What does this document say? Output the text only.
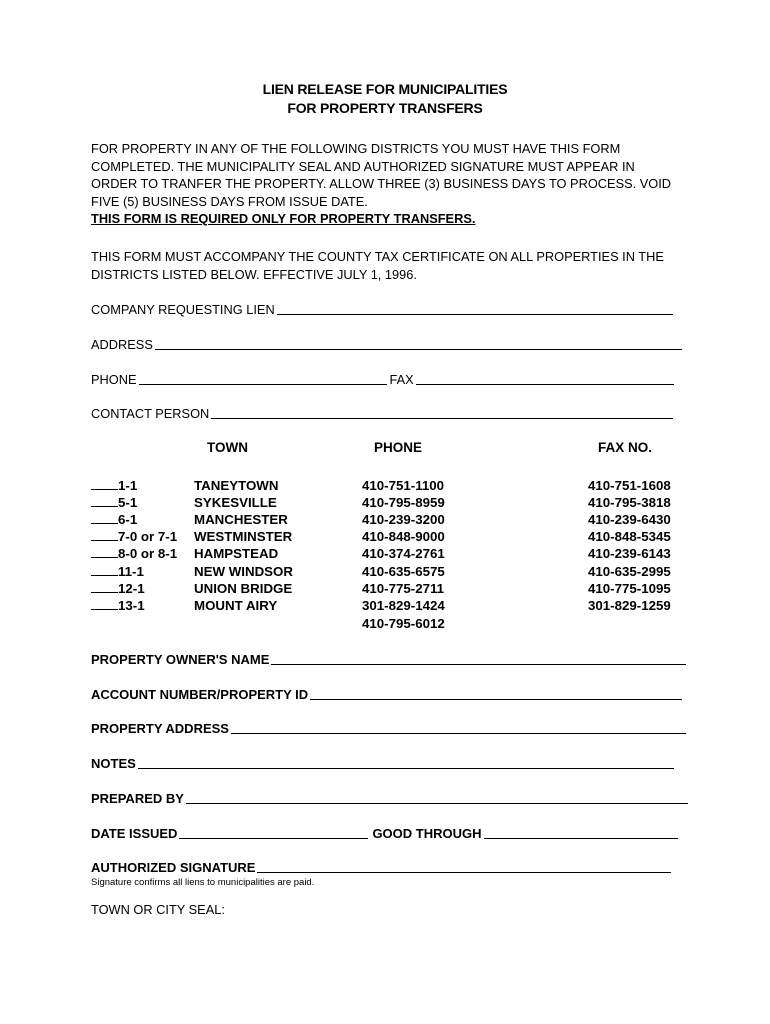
LIEN RELEASE FOR MUNICIPALITIES
FOR PROPERTY TRANSFERS
FOR PROPERTY IN ANY OF THE FOLLOWING DISTRICTS YOU MUST HAVE THIS FORM
COMPLETED. THE MUNICIPALITY SEAL AND AUTHORIZED SIGNATURE MUST APPEAR IN
ORDER TO TRANFER THE PROPERTY. ALLOW THREE (3) BUSINESS DAYS TO PROCESS. VOID
FIVE (5) BUSINESS DAYS FROM ISSUE DATE.
THIS FORM IS REQUIRED ONLY FOR PROPERTY TRANSFERS.
THIS FORM MUST ACCOMPANY THE COUNTY TAX CERTIFICATE ON ALL PROPERTIES IN THE
DISTRICTS LISTED BELOW. EFFECTIVE JULY 1, 1996.
COMPANY REQUESTING LIEN
ADDRESS
PHONE	FAX
CONTACT PERSON
TOWN	PHONE	FAX NO.
1-1	TANEYTOWN	410-751-1100	410-751-1608
5-1	SYKESVILLE	410-795-8959	410-795-3818
6-1	MANCHESTER	410-239-3200	410-239-6430
7-0 or 7-1 WESTMINSTER	410-848-9000	410-848-5345
8-0 or 8-1 HAMPSTEAD	410-374-2761	410-239-6143
11-1	NEW WINDSOR	410-635-6575	410-635-2995
12-1	UNION BRIDGE	410-775-2711	410-775-1095
13-1	MOUNT AIRY	301-829-1424	301-829-1259
410-795-6012
PROPERTY OWNER'S NAME
ACCOUNT NUMBER/PROPERTY ID
PROPERTY ADDRESS
NOTES
PREPARED BY
DATE ISSUED	GOOD THROUGH
AUTHORIZED SIGNATURE
Signature confirms all liens to municipalities are paid.
TOWN OR CITY SEAL:
